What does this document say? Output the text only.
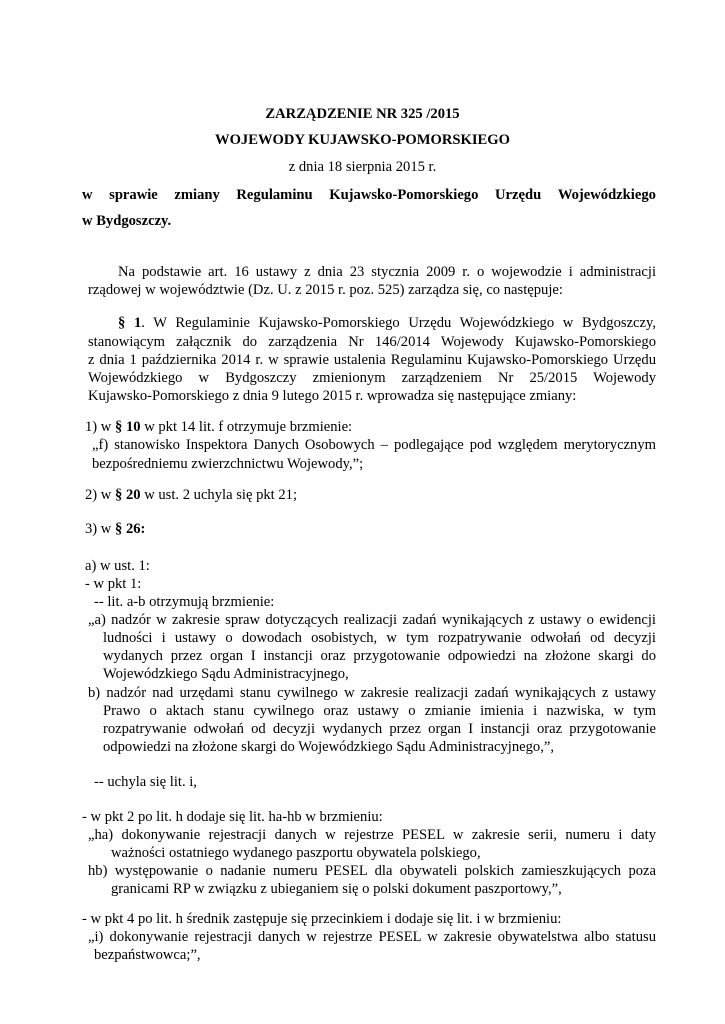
ZARZĄDZENIE NR 325 /2015
WOJEWODY KUJAWSKO-POMORSKIEGO
z dnia 18 sierpnia 2015 r.
w sprawie zmiany Regulaminu Kujawsko-Pomorskiego Urzędu Wojewódzkiego
w Bydgoszczy.
Na podstawie art. 16 ustawy z dnia 23 stycznia 2009 r. o wojewodzie i administracji
rządowej w województwie (Dz. U. z 2015 r. poz. 525) zarządza się, co następuje:
§ 1. W Regulaminie Kujawsko-Pomorskiego Urzędu Wojewódzkiego w Bydgoszczy,
stanowiącym załącznik do zarządzenia Nr 146/2014 Wojewody Kujawsko-Pomorskiego
z dnia 1 października 2014 r. w sprawie ustalenia Regulaminu Kujawsko-Pomorskiego Urzędu
Wojewódzkiego w Bydgoszczy zmienionym zarządzeniem Nr 25/2015 Wojewody
Kujawsko-Pomorskiego z dnia 9 lutego 2015 r. wprowadza się następujące zmiany:
1) w § 10 w pkt 14 lit. f otrzymuje brzmienie:
„f) stanowisko Inspektora Danych Osobowych – podlegające pod względem merytorycznym
bezpośredniemu zwierzchnictwu Wojewody,”;
2) w § 20 w ust. 2 uchyla się pkt 21;
3) w § 26:
a) w ust. 1:
- w pkt 1:
-- lit. a-b otrzymują brzmienie:
„a) nadzór w zakresie spraw dotyczących realizacji zadań wynikających z ustawy o ewidencji
ludności i ustawy o dowodach osobistych, w tym rozpatrywanie odwołań od decyzji
wydanych przez organ I instancji oraz przygotowanie odpowiedzi na złożone skargi do
Wojewódzkiego Sądu Administracyjnego,
b) nadzór nad urzędami stanu cywilnego w zakresie realizacji zadań wynikających z ustawy
Prawo o aktach stanu cywilnego oraz ustawy o zmianie imienia i nazwiska, w tym
rozpatrywanie odwołań od decyzji wydanych przez organ I instancji oraz przygotowanie
odpowiedzi na złożone skargi do Wojewódzkiego Sądu Administracyjnego,”,
-- uchyla się lit. i,
- w pkt 2 po lit. h dodaje się lit. ha-hb w brzmieniu:
„ha) dokonywanie rejestracji danych w rejestrze PESEL w zakresie serii, numeru i daty
ważności ostatniego wydanego paszportu obywatela polskiego,
hb) występowanie o nadanie numeru PESEL dla obywateli polskich zamieszkujących poza
granicami RP w związku z ubieganiem się o polski dokument paszportowy,”,
- w pkt 4 po lit. h średnik zastępuje się przecinkiem i dodaje się lit. i w brzmieniu:
„i) dokonywanie rejestracji danych w rejestrze PESEL w zakresie obywatelstwa albo statusu
bezpaństwowca;”,
